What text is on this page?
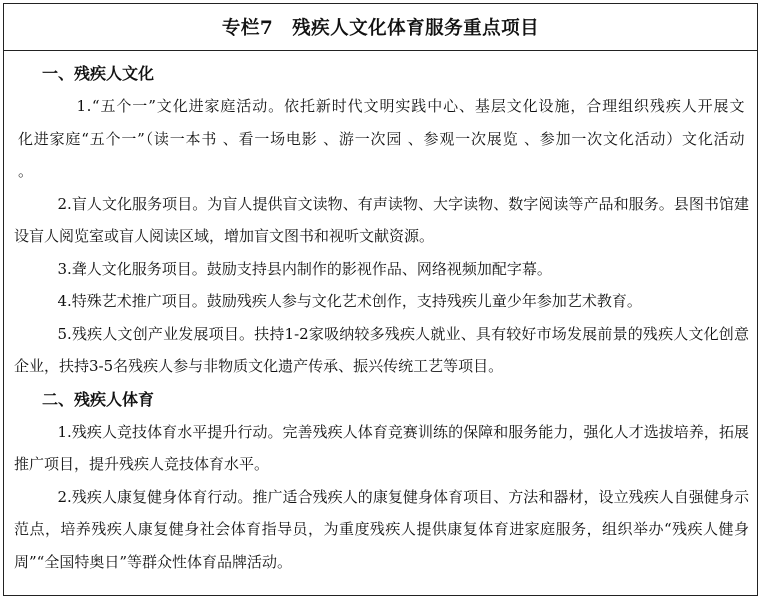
专栏7　残疾人文化体育服务重点项目
一、残疾人文化

1.“五个一”文化进家庭活动。依托新时代文明实践中心、基层文化设施，合理组织残疾人开展文化进家庭“五个一”（读一本书 、看一场电影 、游一次园 、参观一次展览 、参加一次文化活动）文化活动 。

2.盲人文化服务项目。为盲人提供盲文读物、有声读物、大字读物、数字阅读等产品和服务。县图书馆建设盲人阅览室或盲人阅读区域，增加盲文图书和视听文献资源。

3.聋人文化服务项目。鼓励支持县内制作的影视作品、网络视频加配字幕。

4.特殊艺术推广项目。鼓励残疾人参与文化艺术创作，支持残疾儿童少年参加艺术教育。

5.残疾人文创产业发展项目。扶持1-2家吸纳较多残疾人就业、具有较好市场发展前景的残疾人文化创意企业，扶持3-5名残疾人参与非物质文化遗产传承、振兴传统工艺等项目。

二、残疾人体育

1.残疾人竞技体育水平提升行动。完善残疾人体育竞赛训练的保障和服务能力，强化人才选拔培养，拓展推广项目，提升残疾人竞技体育水平。

2.残疾人康复健身体育行动。推广适合残疾人的康复健身体育项目、方法和器材，设立残疾人自强健身示范点，培养残疾人康复健身社会体育指导员，为重度残疾人提供康复体育进家庭服务，组织举办“残疾人健身周”“全国特奥日”等群众性体育品牌活动。
